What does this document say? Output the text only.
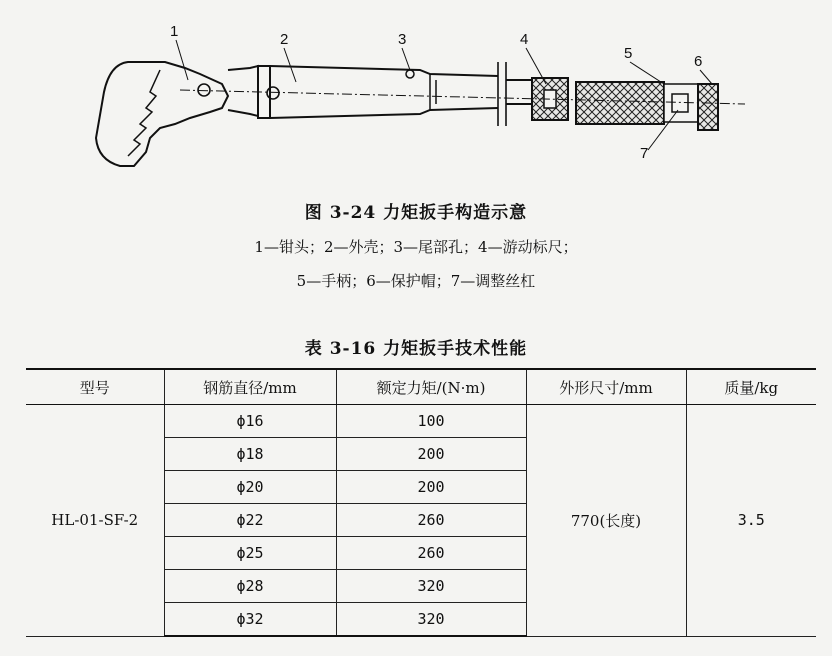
1	2	3	4
5	6
7
图 3-24 力矩扳手构造示意
1—钳头；2—外壳；3—尾部孔；4—游动标尺；
5—手柄；6—保护帽；7—调整丝杠
表 3-16 力矩扳手技术性能
型号	钢筋直径/mm	额定力矩/(N·m)	外形尺寸/mm	质量/kg
HL-01-SF-2	ϕ16	100	770(长度)	3.5
	ϕ18	200		
	ϕ20	200		
	ϕ22	260		
	ϕ25	260		
	ϕ28	320		
	ϕ32	320		
